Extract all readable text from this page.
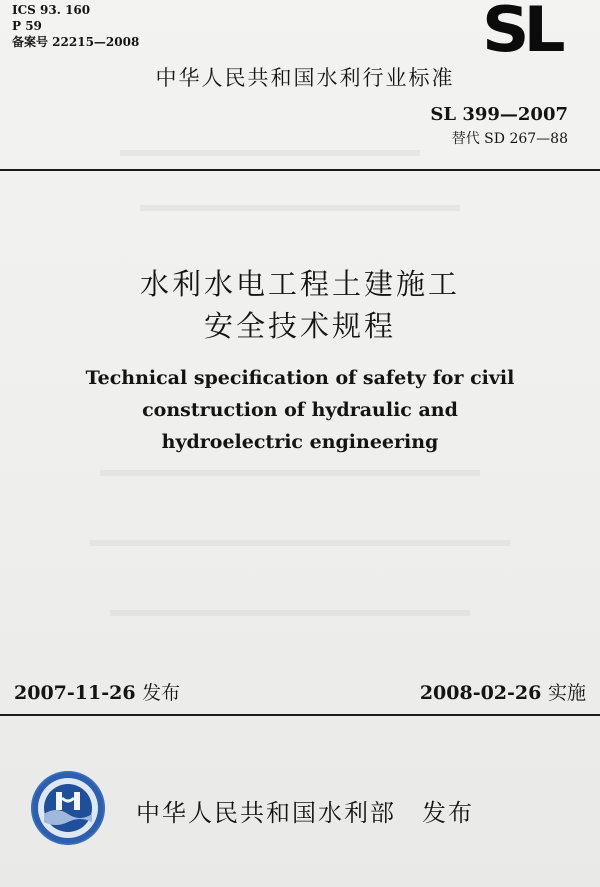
ICS 93. 160
P 59
备案号 22215—2008	SL
中华人民共和国水利行业标准
SL 399—2007
替代 SD 267—88
水利水电工程土建施工
安全技术规程
Technical specification of safety for civil
construction of hydraulic and
hydroelectric engineering
2007-11-26 发布	2008-02-26 实施
中华人民共和国水利部 发布
